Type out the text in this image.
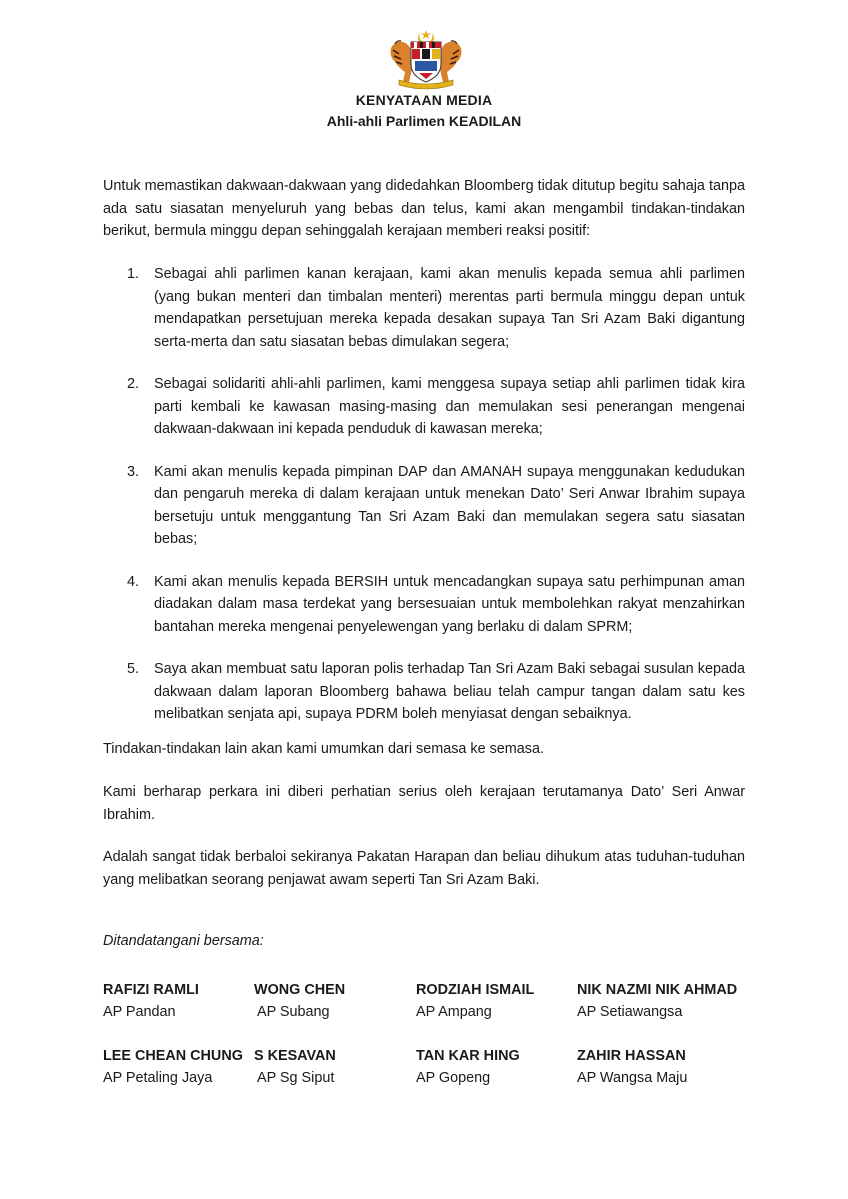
KENYATAAN MEDIA
Ahli-ahli Parlimen KEADILAN

Untuk memastikan dakwaan-dakwaan yang didedahkan Bloomberg tidak ditutup begitu sahaja tanpa ada satu siasatan menyeluruh yang bebas dan telus, kami akan mengambil tindakan-tindakan berikut, bermula minggu depan sehinggalah kerajaan memberi reaksi positif:

1. Sebagai ahli parlimen kanan kerajaan, kami akan menulis kepada semua ahli parlimen (yang bukan menteri dan timbalan menteri) merentas parti bermula minggu depan untuk mendapatkan persetujuan mereka kepada desakan supaya Tan Sri Azam Baki digantung serta-merta dan satu siasatan bebas dimulakan segera;
2. Sebagai solidariti ahli-ahli parlimen, kami menggesa supaya setiap ahli parlimen tidak kira parti kembali ke kawasan masing-masing dan memulakan sesi penerangan mengenai dakwaan-dakwaan ini kepada penduduk di kawasan mereka;
3. Kami akan menulis kepada pimpinan DAP dan AMANAH supaya menggunakan kedudukan dan pengaruh mereka di dalam kerajaan untuk menekan Dato’ Seri Anwar Ibrahim supaya bersetuju untuk menggantung Tan Sri Azam Baki dan memulakan segera satu siasatan bebas;
4. Kami akan menulis kepada BERSIH untuk mencadangkan supaya satu perhimpunan aman diadakan dalam masa terdekat yang bersesuaian untuk membolehkan rakyat menzahirkan bantahan mereka mengenai penyelewengan yang berlaku di dalam SPRM;
5. Saya akan membuat satu laporan polis terhadap Tan Sri Azam Baki sebagai susulan kepada dakwaan dalam laporan Bloomberg bahawa beliau telah campur tangan dalam satu kes melibatkan senjata api, supaya PDRM boleh menyiasat dengan sebaiknya.

Tindakan-tindakan lain akan kami umumkan dari semasa ke semasa.

Kami berharap perkara ini diberi perhatian serius oleh kerajaan terutamanya Dato’ Seri Anwar Ibrahim.

Adalah sangat tidak berbaloi sekiranya Pakatan Harapan dan beliau dihukum atas tuduhan-tuduhan yang melibatkan seorang penjawat awam seperti Tan Sri Azam Baki.

Ditandatangani bersama:
RAFIZI RAMLI
AP Pandan
WONG CHEN
AP Subang
RODZIAH ISMAIL
AP Ampang
NIK NAZMI NIK AHMAD
AP Setiawangsa
LEE CHEAN CHUNG
AP Petaling Jaya
S KESAVAN
AP Sg Siput
TAN KAR HING
AP Gopeng
ZAHIR HASSAN
AP Wangsa Maju
